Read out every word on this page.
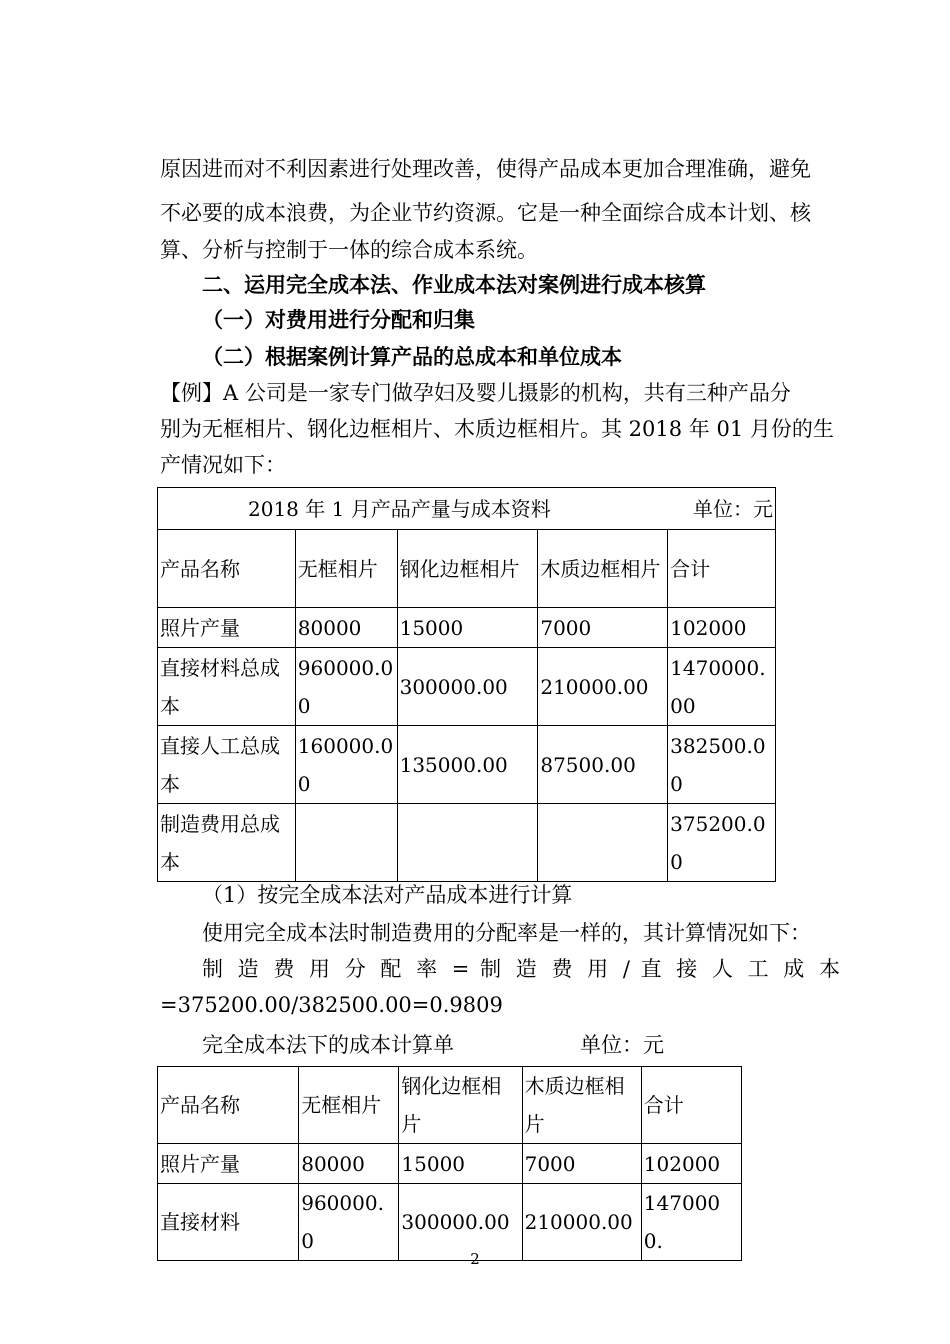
原因进而对不利因素进行处理改善，使得产品成本更加合理准确，避免

不必要的成本浪费，为企业节约资源。它是一种全面综合成本计划、核

算、分析与控制于一体的综合成本系统。

二、运用完全成本法、作业成本法对案例进行成本核算

（一）对费用进行分配和归集

（二）根据案例计算产品的总成本和单位成本

【例】A 公司是一家专门做孕妇及婴儿摄影的机构，共有三种产品分

别为无框相片、钢化边框相片、木质边框相片。其 2018 年 01 月份的生

产情况如下：

2018 年 1 月产品产量与成本资料 单位：元				

产品名称	无框相片	钢化边框相片	木质边框相片	合计
照片产量	80000	15000	7000	102000
直接材料总成本	960000.00	300000.00	210000.00	1470000.00
直接人工总成本	160000.00	135000.00	87500.00	382500.00
制造费用总成本				375200.00

（1）按完全成本法对产品成本进行计算

使用完全成本法时制造费用的分配率是一样的，其计算情况如下：

制 造 费 用 分 配 率 = 制 造 费 用 / 直 接 人 工 成 本

=375200.00/382500.00=0.9809

完全成本法下的成本计算单	单位：元

产品名称	无框相片	钢化边框相片	木质边框相片	合计
照片产量	80000	15000	7000	102000
直接材料	960000.0	300000.00	210000.00	1470000.
2
